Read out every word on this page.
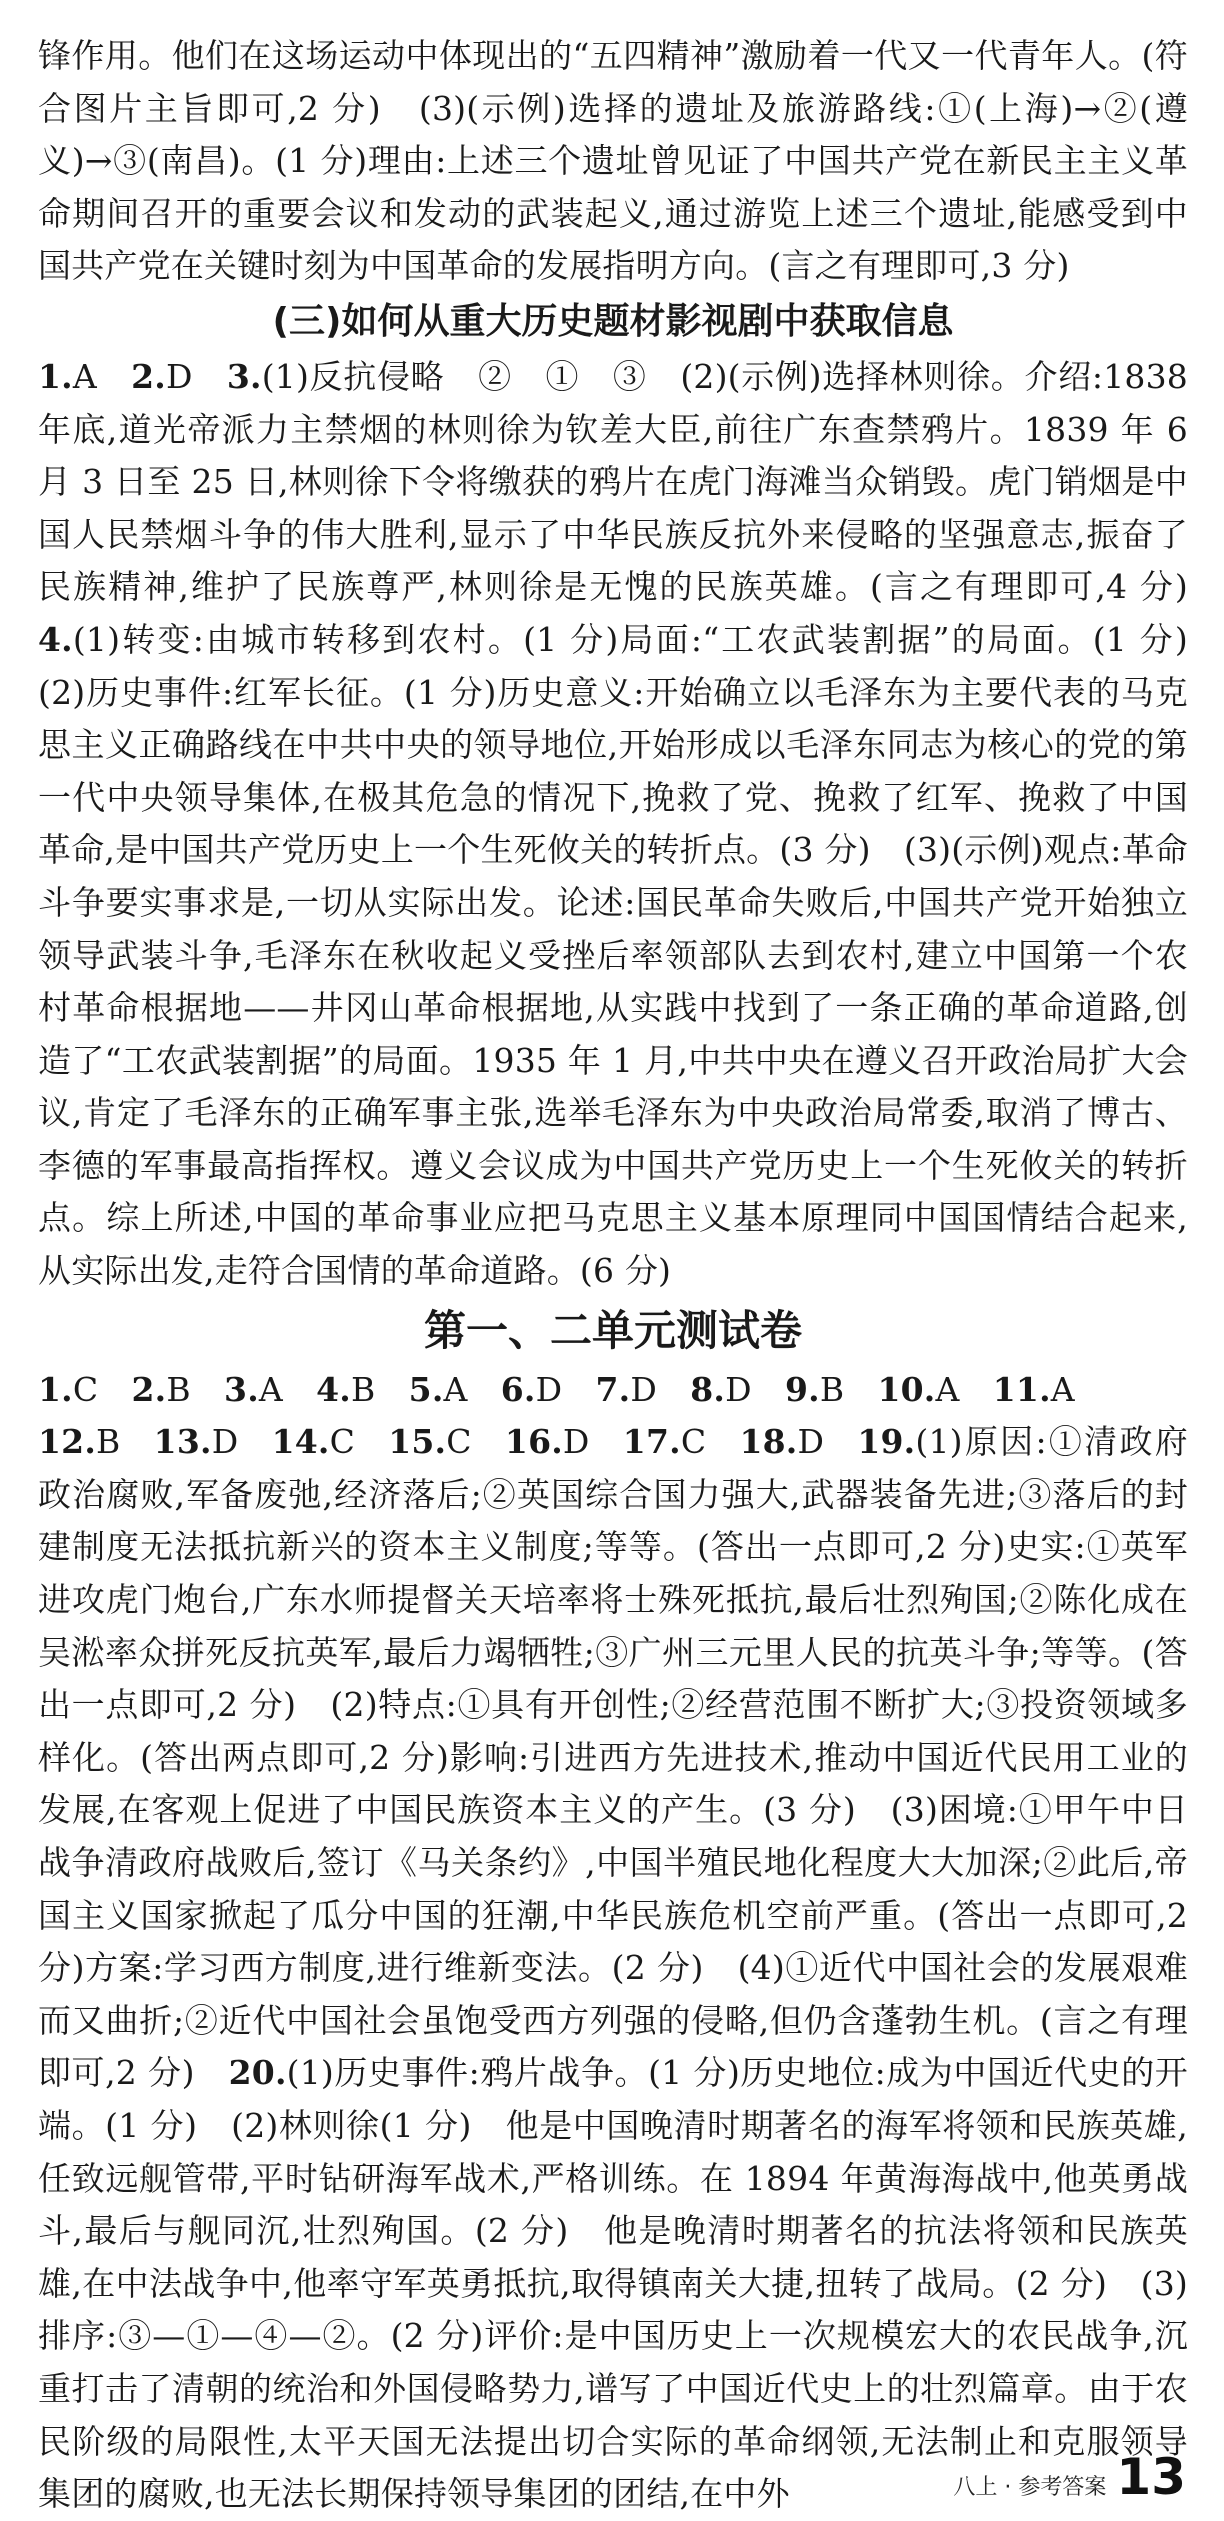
锋作用。他们在这场运动中体现出的“五四精神”激励着一代又一代青年人。(符合图片主旨即可,2 分)　(3)(示例)选择的遗址及旅游路线:①(上海)→②(遵义)→③(南昌)。(1 分)理由:上述三个遗址曾见证了中国共产党在新民主主义革命期间召开的重要会议和发动的武装起义,通过游览上述三个遗址,能感受到中国共产党在关键时刻为中国革命的发展指明方向。(言之有理即可,3 分)

(三)如何从重大历史题材影视剧中获取信息

1.A　2.D　3.(1)反抗侵略　②　①　③　(2)(示例)选择林则徐。介绍:1838 年底,道光帝派力主禁烟的林则徐为钦差大臣,前往广东查禁鸦片。1839 年 6 月 3 日至 25 日,林则徐下令将缴获的鸦片在虎门海滩当众销毁。虎门销烟是中国人民禁烟斗争的伟大胜利,显示了中华民族反抗外来侵略的坚强意志,振奋了民族精神,维护了民族尊严,林则徐是无愧的民族英雄。(言之有理即可,4 分)　4.(1)转变:由城市转移到农村。(1 分)局面:“工农武装割据”的局面。(1 分)　(2)历史事件:红军长征。(1 分)历史意义:开始确立以毛泽东为主要代表的马克思主义正确路线在中共中央的领导地位,开始形成以毛泽东同志为核心的党的第一代中央领导集体,在极其危急的情况下,挽救了党、挽救了红军、挽救了中国革命,是中国共产党历史上一个生死攸关的转折点。(3 分)　(3)(示例)观点:革命斗争要实事求是,一切从实际出发。论述:国民革命失败后,中国共产党开始独立领导武装斗争,毛泽东在秋收起义受挫后率领部队去到农村,建立中国第一个农村革命根据地——井冈山革命根据地,从实践中找到了一条正确的革命道路,创造了“工农武装割据”的局面。1935 年 1 月,中共中央在遵义召开政治局扩大会议,肯定了毛泽东的正确军事主张,选举毛泽东为中央政治局常委,取消了博古、李德的军事最高指挥权。遵义会议成为中国共产党历史上一个生死攸关的转折点。综上所述,中国的革命事业应把马克思主义基本原理同中国国情结合起来,从实际出发,走符合国情的革命道路。(6 分)

第一、二单元测试卷

1.C  2.B  3.A  4.B  5.A  6.D  7.D  8.D  9.B  10.A  11.A 12.B  13.D  14.C  15.C  16.D  17.C  18.D  19.(1)原因:①清政府政治腐败,军备废弛,经济落后;②英国综合国力强大,武器装备先进;③落后的封建制度无法抵抗新兴的资本主义制度;等等。(答出一点即可,2 分)史实:①英军进攻虎门炮台,广东水师提督关天培率将士殊死抵抗,最后壮烈殉国;②陈化成在吴淞率众拼死反抗英军,最后力竭牺牲;③广州三元里人民的抗英斗争;等等。(答出一点即可,2 分)　(2)特点:①具有开创性;②经营范围不断扩大;③投资领域多样化。(答出两点即可,2 分)影响:引进西方先进技术,推动中国近代民用工业的发展,在客观上促进了中国民族资本主义的产生。(3 分)　(3)困境:①甲午中日战争清政府战败后,签订《马关条约》,中国半殖民地化程度大大加深;②此后,帝国主义国家掀起了瓜分中国的狂潮,中华民族危机空前严重。(答出一点即可,2 分)方案:学习西方制度,进行维新变法。(2 分)　(4)①近代中国社会的发展艰难而又曲折;②近代中国社会虽饱受西方列强的侵略,但仍含蓬勃生机。(言之有理即可,2 分)　20.(1)历史事件:鸦片战争。(1 分)历史地位:成为中国近代史的开端。(1 分)　(2)林则徐(1 分)　他是中国晚清时期著名的海军将领和民族英雄,任致远舰管带,平时钻研海军战术,严格训练。在 1894 年黄海海战中,他英勇战斗,最后与舰同沉,壮烈殉国。(2 分)　他是晚清时期著名的抗法将领和民族英雄,在中法战争中,他率守军英勇抵抗,取得镇南关大捷,扭转了战局。(2 分)　(3)排序:③—①—④—②。(2 分)评价:是中国历史上一次规模宏大的农民战争,沉重打击了清朝的统治和外国侵略势力,谱写了中国近代史上的壮烈篇章。由于农民阶级的局限性,太平天国无法提出切合实际的革命纲领,无法制止和克服领导集团的腐败,也无法长期保持领导集团的团结,在中外	八上 · 参考答案 13
